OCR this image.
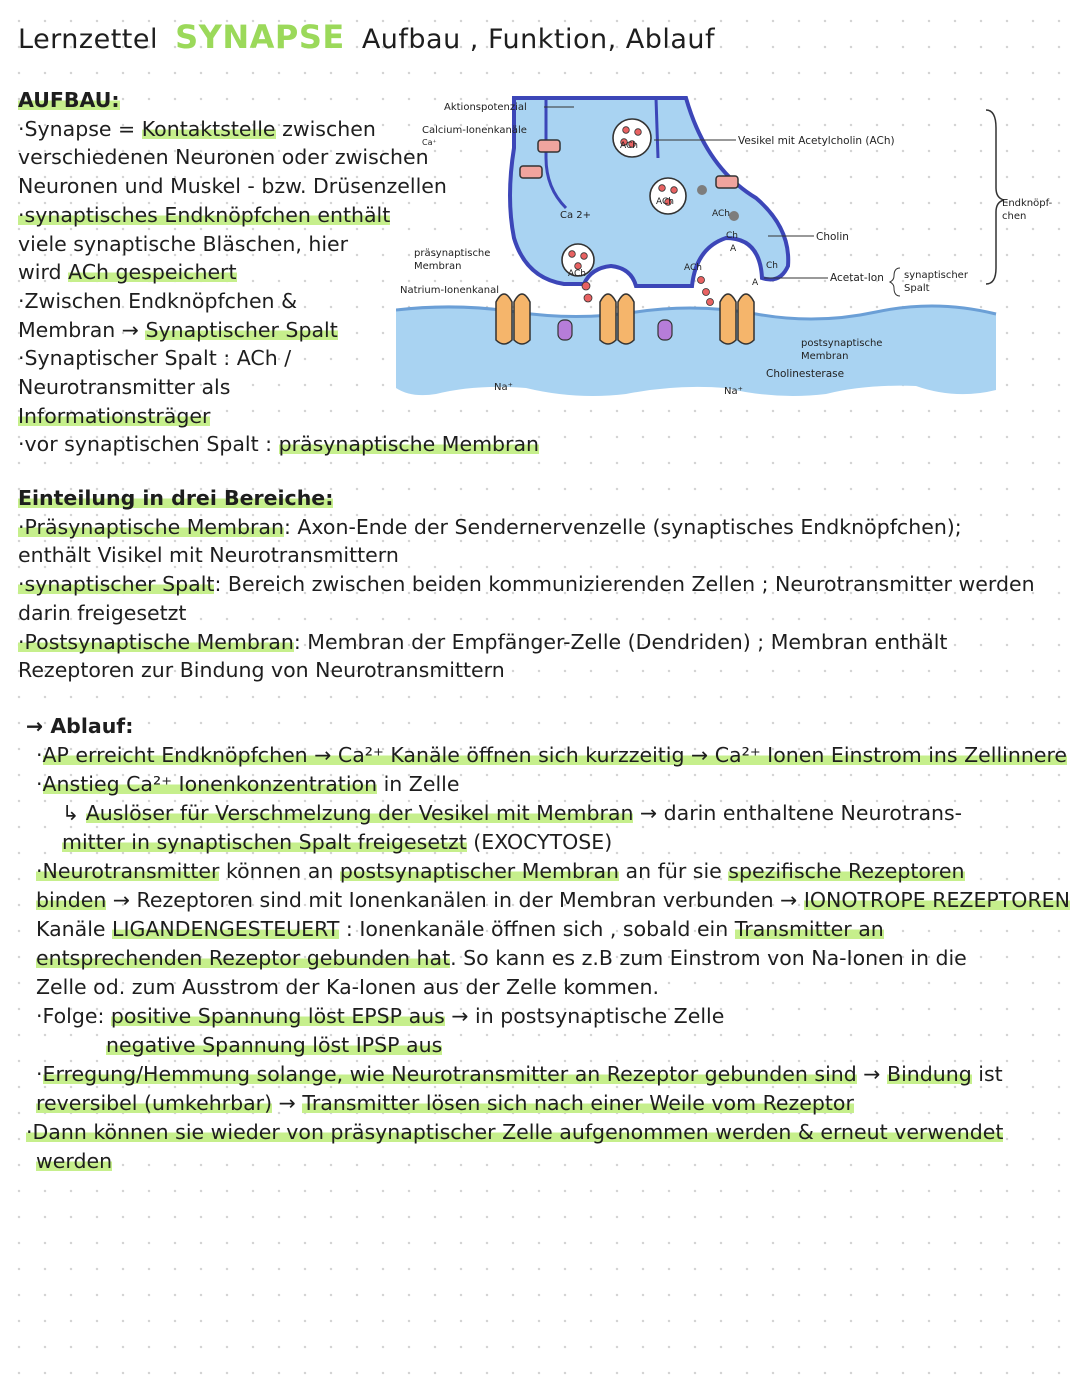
Lernzettel SYNAPSE Aufbau , Funktion, Ablauf

AUFBAU:

·Synapse = Kontaktstelle zwischen

verschiedenen Neuronen oder zwischen

Neuronen und Muskel - bzw. Drüsenzellen

·synaptisches Endknöpfchen enthält

viele synaptische Bläschen, hier

wird ACh gespeichert

·Zwischen Endknöpfchen &

Membran → Synaptischer Spalt

·Synaptischer Spalt : ACh /

Neurotransmitter als

Informationsträger

·vor synaptischen Spalt : präsynaptische Membran

Aktionspotenzial
Calcium-Ionenkanäle
Ca⁺	Vesikel mit Acetylcholin (ACh)
Endknöpf-
chen
Ca 2+
ACh
ACh
ACh
ACh
ACh
Ch
Ch
A
A
Cholin
präsynaptische
Membran
Acetat-Ion synaptischer
Spalt
Natrium-Ionenkanal
postsynaptische
Membran
Cholinesterase
Na⁺	Na⁺

Einteilung in drei Bereiche:

·Präsynaptische Membran: Axon-Ende der Sendernervenzelle (synaptisches Endknöpfchen);

enthält Visikel mit Neurotransmittern

·synaptischer Spalt: Bereich zwischen beiden kommunizierenden Zellen ; Neurotransmitter werden

darin freigesetzt

·Postsynaptische Membran: Membran der Empfänger-Zelle (Dendriden) ; Membran enthält

Rezeptoren zur Bindung von Neurotransmittern

→ Ablauf:

·AP erreicht Endknöpfchen → Ca²⁺ Kanäle öffnen sich kurzzeitig → Ca²⁺ Ionen Einstrom ins Zellinnere

·Anstieg Ca²⁺ Ionenkonzentration in Zelle

↳ Auslöser für Verschmelzung der Vesikel mit Membran → darin enthaltene Neurotrans-

mitter in synaptischen Spalt freigesetzt (EXOCYTOSE)

·Neurotransmitter können an postsynaptischer Membran an für sie spezifische Rezeptoren

binden → Rezeptoren sind mit Ionenkanälen in der Membran verbunden → IONOTROPE REZEPTOREN

Kanäle LIGANDENGESTEUERT : Ionenkanäle öffnen sich , sobald ein Transmitter an

entsprechenden Rezeptor gebunden hat. So kann es z.B zum Einstrom von Na-Ionen in die

Zelle od. zum Ausstrom der Ka-Ionen aus der Zelle kommen.

·Folge: positive Spannung löst EPSP aus → in postsynaptische Zelle

negative Spannung löst IPSP aus

·Erregung/Hemmung solange, wie Neurotransmitter an Rezeptor gebunden sind → Bindung ist

reversibel (umkehrbar) → Transmitter lösen sich nach einer Weile vom Rezeptor

·Dann können sie wieder von präsynaptischer Zelle aufgenommen werden & erneut verwendet

werden
